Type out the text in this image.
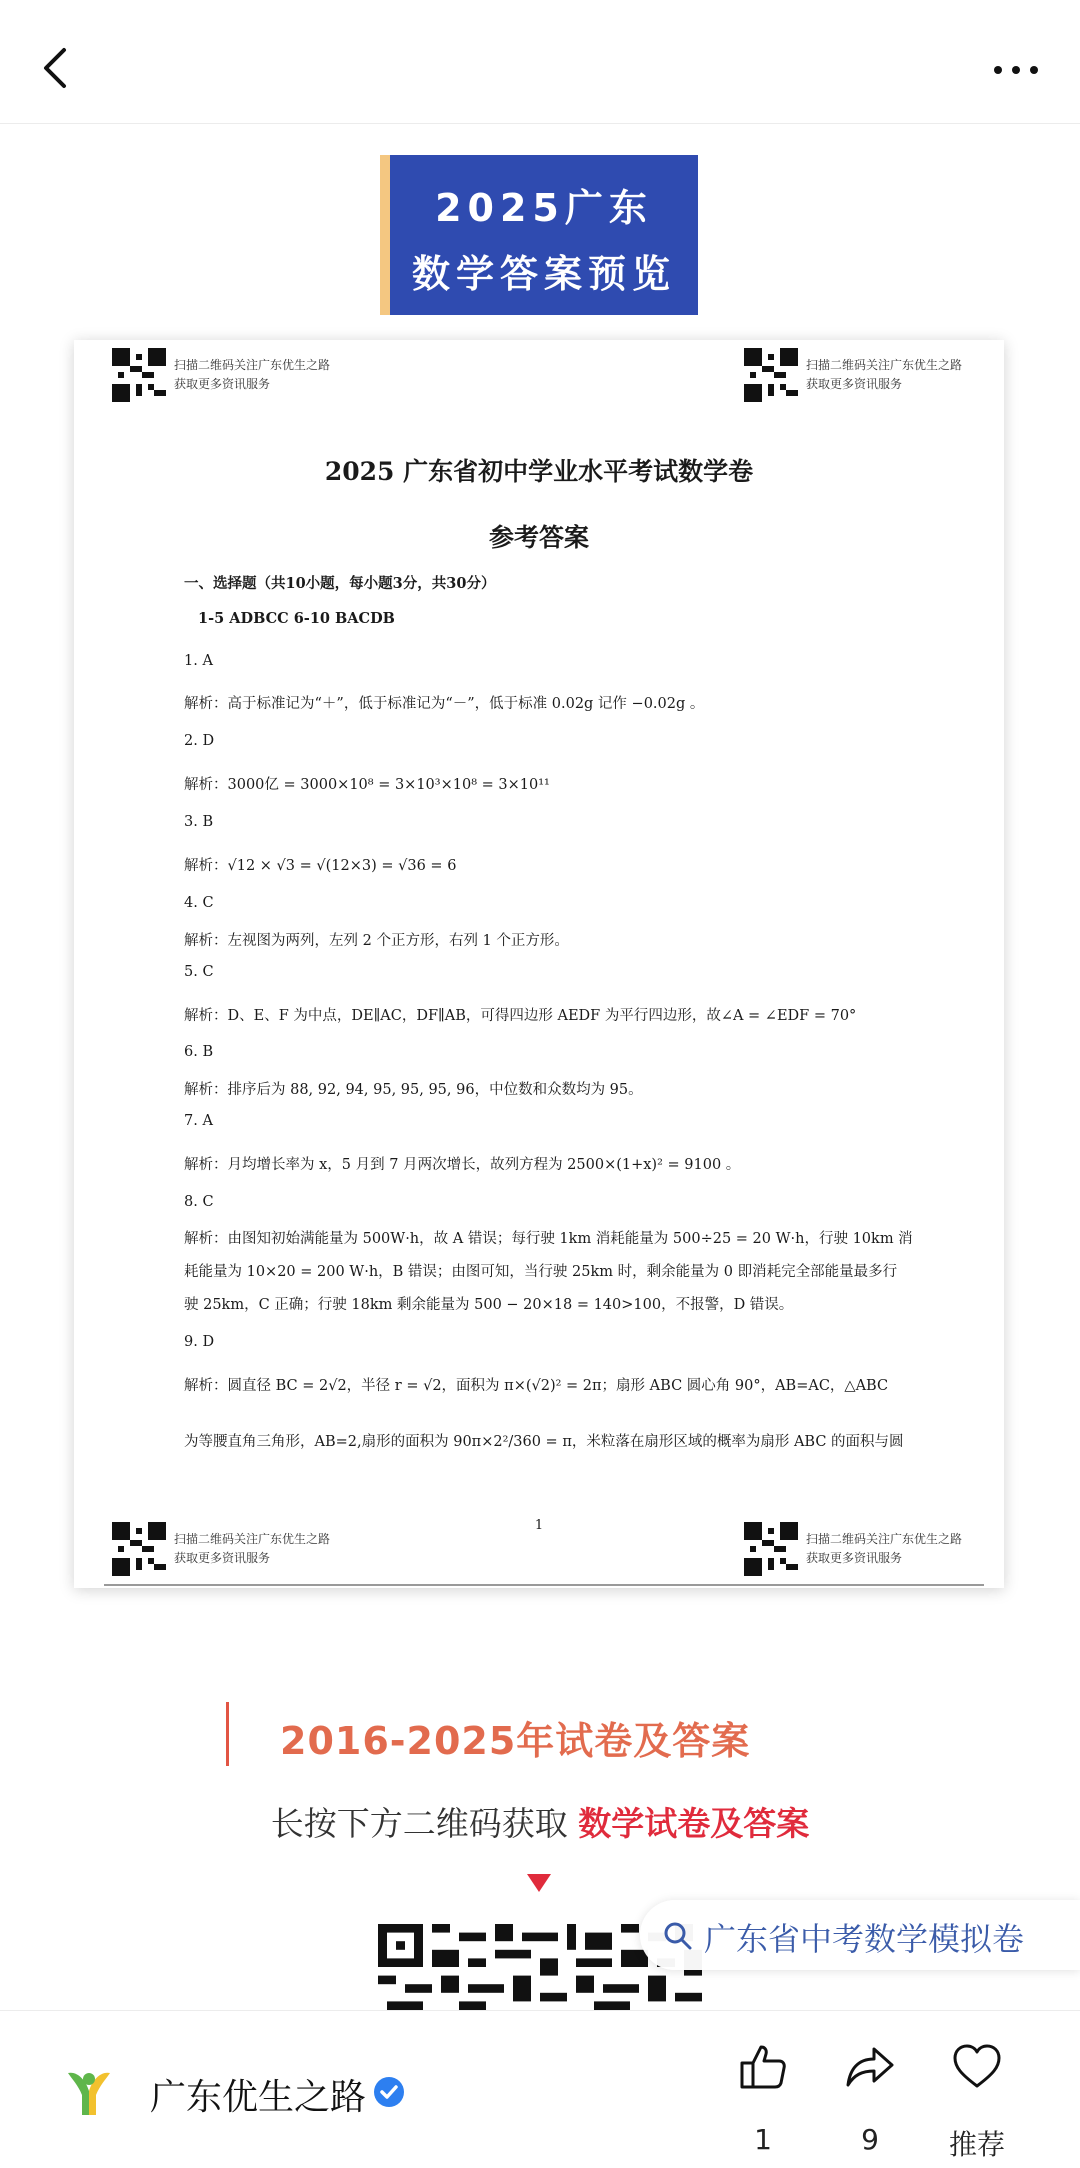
2025广东
数学答案预览
扫描二维码关注广东优生之路
获取更多资讯服务
扫描二维码关注广东优生之路
获取更多资讯服务
2025 广东省初中学业水平考试数学卷
参考答案
一、选择题（共10小题，每小题3分，共30分）
1-5 ADBCC 6-10 BACDB
1. A
解析：高于标准记为“＋”，低于标准记为“－”，低于标准 0.02g 记作 −0.02g 。
2. D
解析：3000亿 = 3000×10⁸ = 3×10³×10⁸ = 3×10¹¹
3. B
解析：√12 × √3 = √(12×3) = √36 = 6
4. C
解析：左视图为两列，左列 2 个正方形，右列 1 个正方形。
5. C
解析：D、E、F 为中点，DE∥AC，DF∥AB，可得四边形 AEDF 为平行四边形，故∠A = ∠EDF = 70°
6. B
解析：排序后为 88, 92, 94, 95, 95, 95, 96，中位数和众数均为 95。
7. A
解析：月均增长率为 x，5 月到 7 月两次增长，故列方程为 2500×(1+x)² = 9100 。
8. C
解析：由图知初始满能量为 500W·h，故 A 错误；每行驶 1km 消耗能量为 500÷25 = 20 W·h，行驶 10km 消
耗能量为 10×20 = 200 W·h，B 错误；由图可知，当行驶 25km 时，剩余能量为 0 即消耗完全部能量最多行
驶 25km，C 正确；行驶 18km 剩余能量为 500 − 20×18 = 140>100，不报警，D 错误。
9. D
解析：圆直径 BC = 2√2，半径 r = √2，面积为 π×(√2)² = 2π；扇形 ABC 圆心角 90°，AB=AC，△ABC
为等腰直角三角形，AB=2,扇形的面积为 90π×2²/360 = π，米粒落在扇形区域的概率为扇形 ABC 的面积与圆
1
扫描二维码关注广东优生之路
获取更多资讯服务
扫描二维码关注广东优生之路
获取更多资讯服务
2016-2025年试卷及答案
长按下方二维码获取 数学试卷及答案
广东省中考数学模拟卷
广东优生之路
1	9	推荐
